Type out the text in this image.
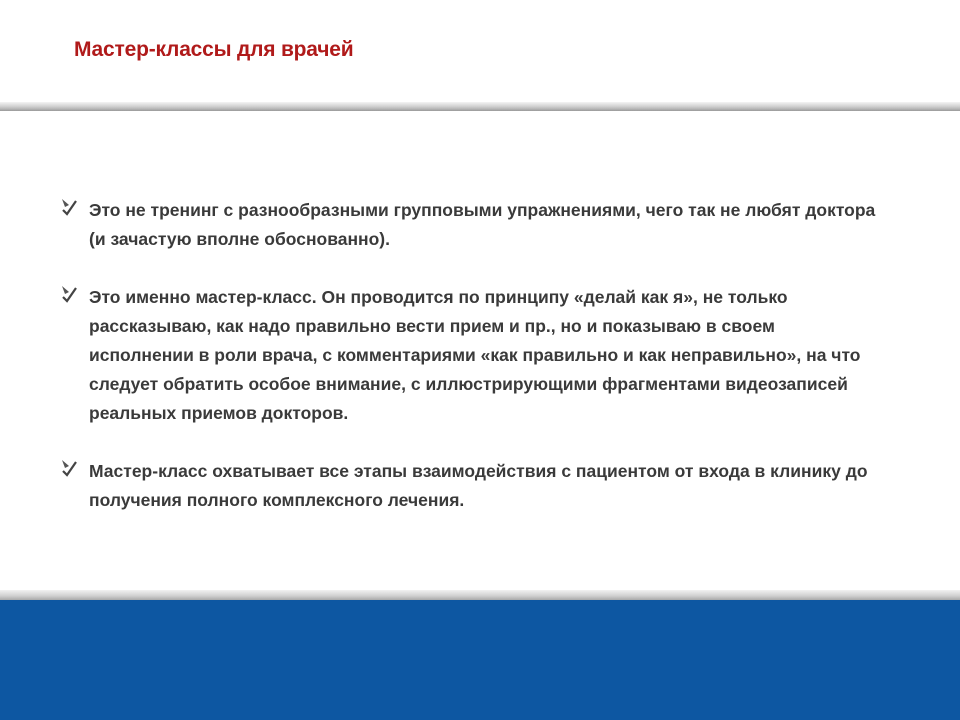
Мастер-классы для врачей
Это не тренинг с разнообразными групповыми упражнениями, чего так не любят доктора (и зачастую вполне обоснованно).
Это именно мастер-класс. Он проводится по принципу «делай как я», не только рассказываю, как надо правильно вести прием и пр., но и показываю в своем исполнении в роли врача, с комментариями «как правильно и как неправильно», на что следует обратить особое внимание, с иллюстрирующими фрагментами видеозаписей реальных приемов докторов.
Мастер-класс охватывает все этапы взаимодействия с пациентом от входа в клинику до получения полного комплексного лечения.
